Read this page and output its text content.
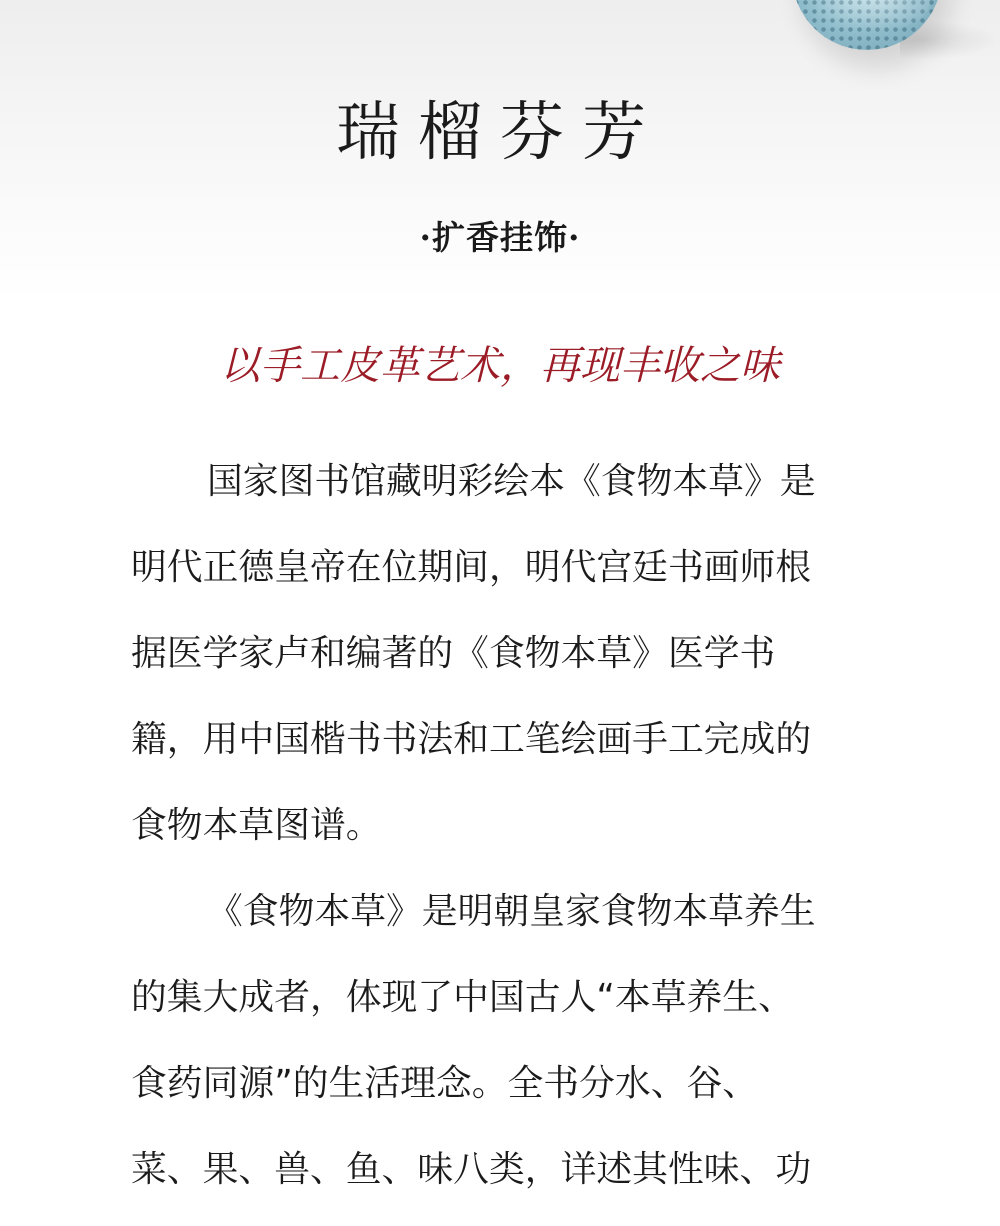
瑞榴芬芳
·扩香挂饰·
以手工皮革艺术，再现丰收之味
国家图书馆藏明彩绘本《食物本草》是
明代正德皇帝在位期间，明代宫廷书画师根
据医学家卢和编著的《食物本草》医学书
籍，用中国楷书书法和工笔绘画手工完成的
食物本草图谱。
《食物本草》是明朝皇家食物本草养生
的集大成者，体现了中国古人“本草养生、
食药同源”的生活理念。全书分水、谷、
菜、果、兽、鱼、味八类，详述其性味、功
